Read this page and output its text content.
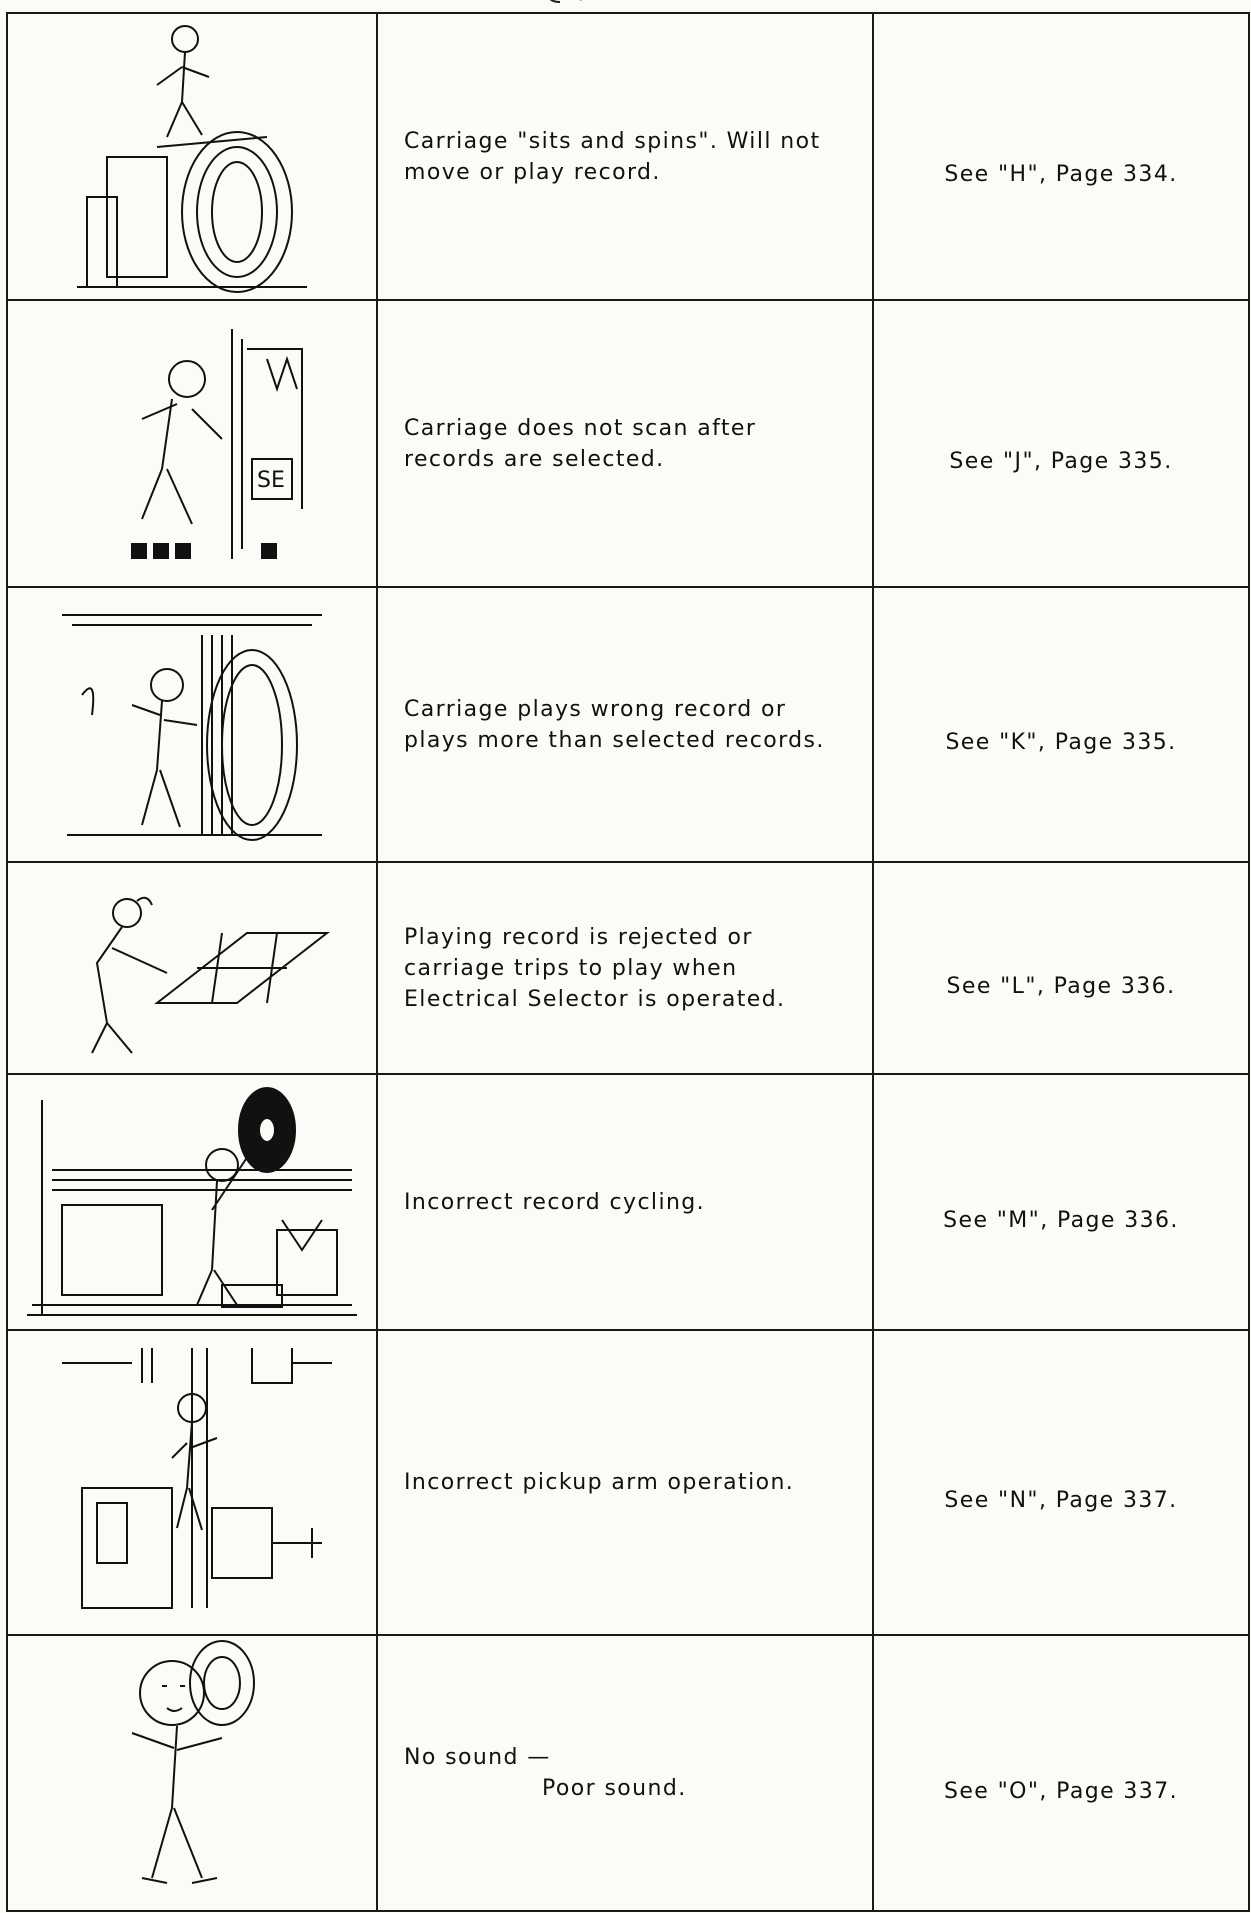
Carriage "sits and spins". Will not move or play record.	See "H", Page 334.

SE	Carriage does not scan after records are selected.	See "J", Page 335.

Carriage plays wrong record or plays more than selected records.	See "K", Page 335.

Playing record is rejected or carriage trips to play when Electrical Selector is operated.	See "L", Page 336.

Incorrect record cycling.	See "M", Page 336.

Incorrect pickup arm operation.	See "N", Page 337.

No sound —
Poor sound.	See "O", Page 337.
